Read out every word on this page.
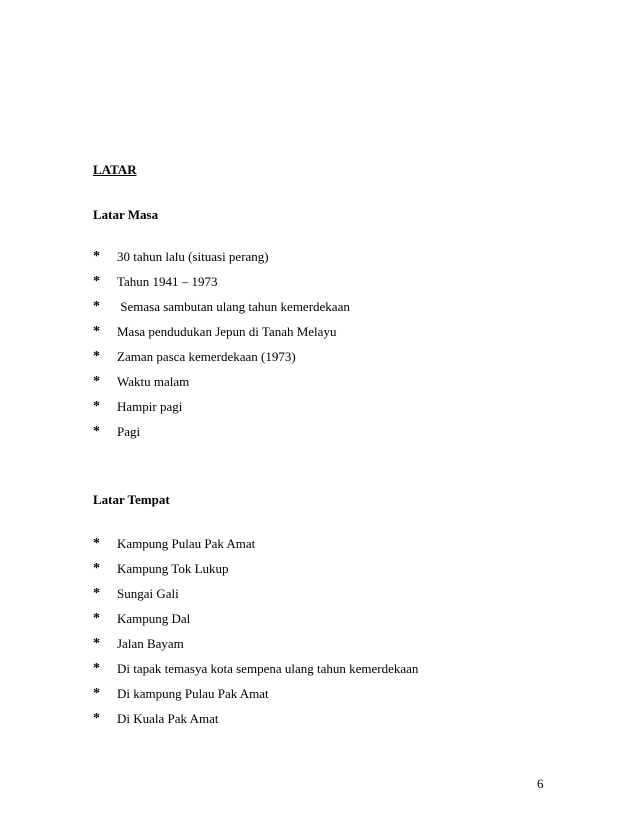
LATAR
Latar Masa
*	30 tahun lalu (situasi perang)
*	Tahun 1941 – 1973
*	Semasa sambutan ulang tahun kemerdekaan
*	Masa pendudukan Jepun di Tanah Melayu
*	Zaman pasca kemerdekaan (1973)
*	Waktu malam
*	Hampir pagi
*	Pagi
Latar Tempat
*	Kampung Pulau Pak Amat
*	Kampung Tok Lukup
*	Sungai Gali
*	Kampung Dal
*	Jalan Bayam
*	Di tapak temasya kota sempena ulang tahun kemerdekaan
*	Di kampung Pulau Pak Amat
*	Di Kuala Pak Amat
6
